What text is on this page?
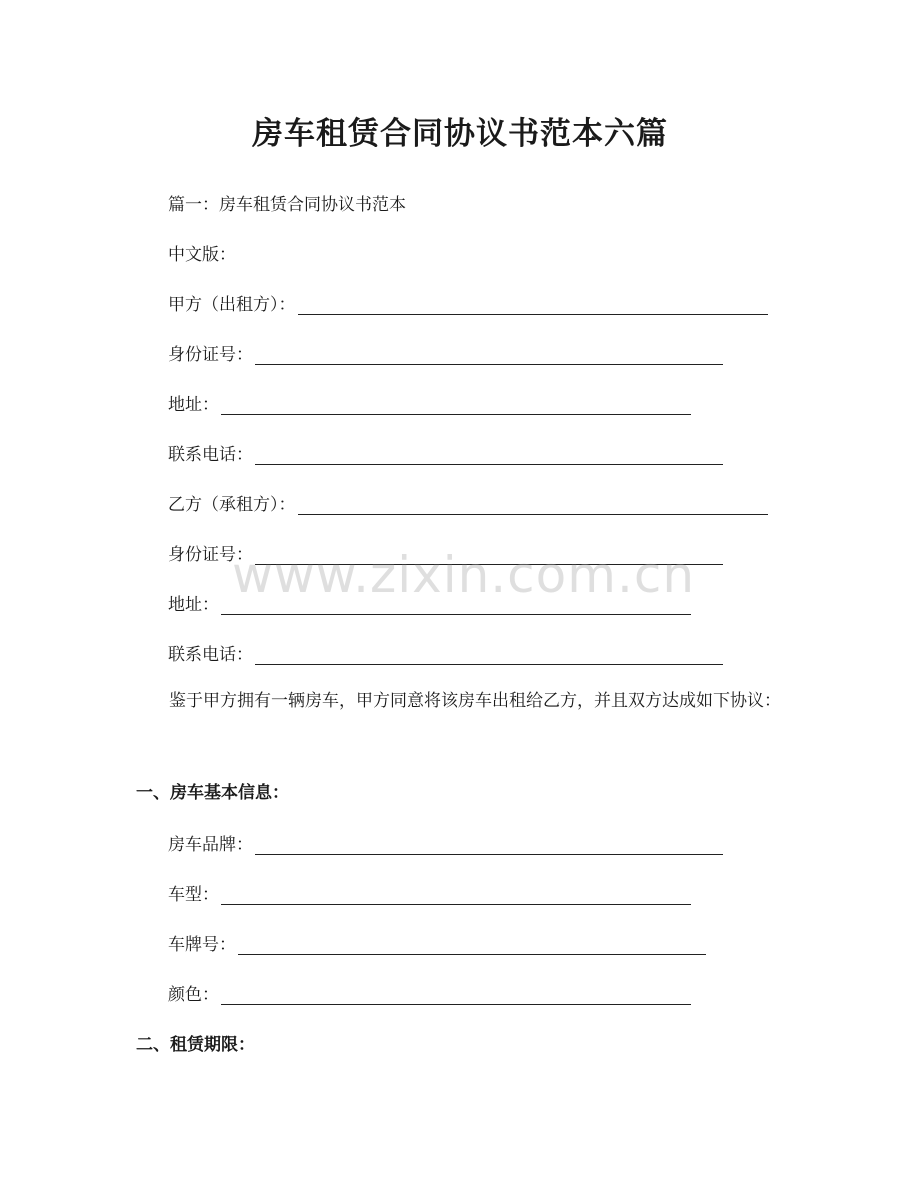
房车租赁合同协议书范本六篇
篇一：房车租赁合同协议书范本
中文版：
甲方（出租方）：
身份证号：
地址：
联系电话：
乙方（承租方）：
身份证号：
地址：
联系电话：
鉴于甲方拥有一辆房车，甲方同意将该房车出租给乙方，并且双方达成如下协议：
一、房车基本信息：
房车品牌：
车型：
车牌号：
颜色：
二、租赁期限：
www.zixin.com.cn
